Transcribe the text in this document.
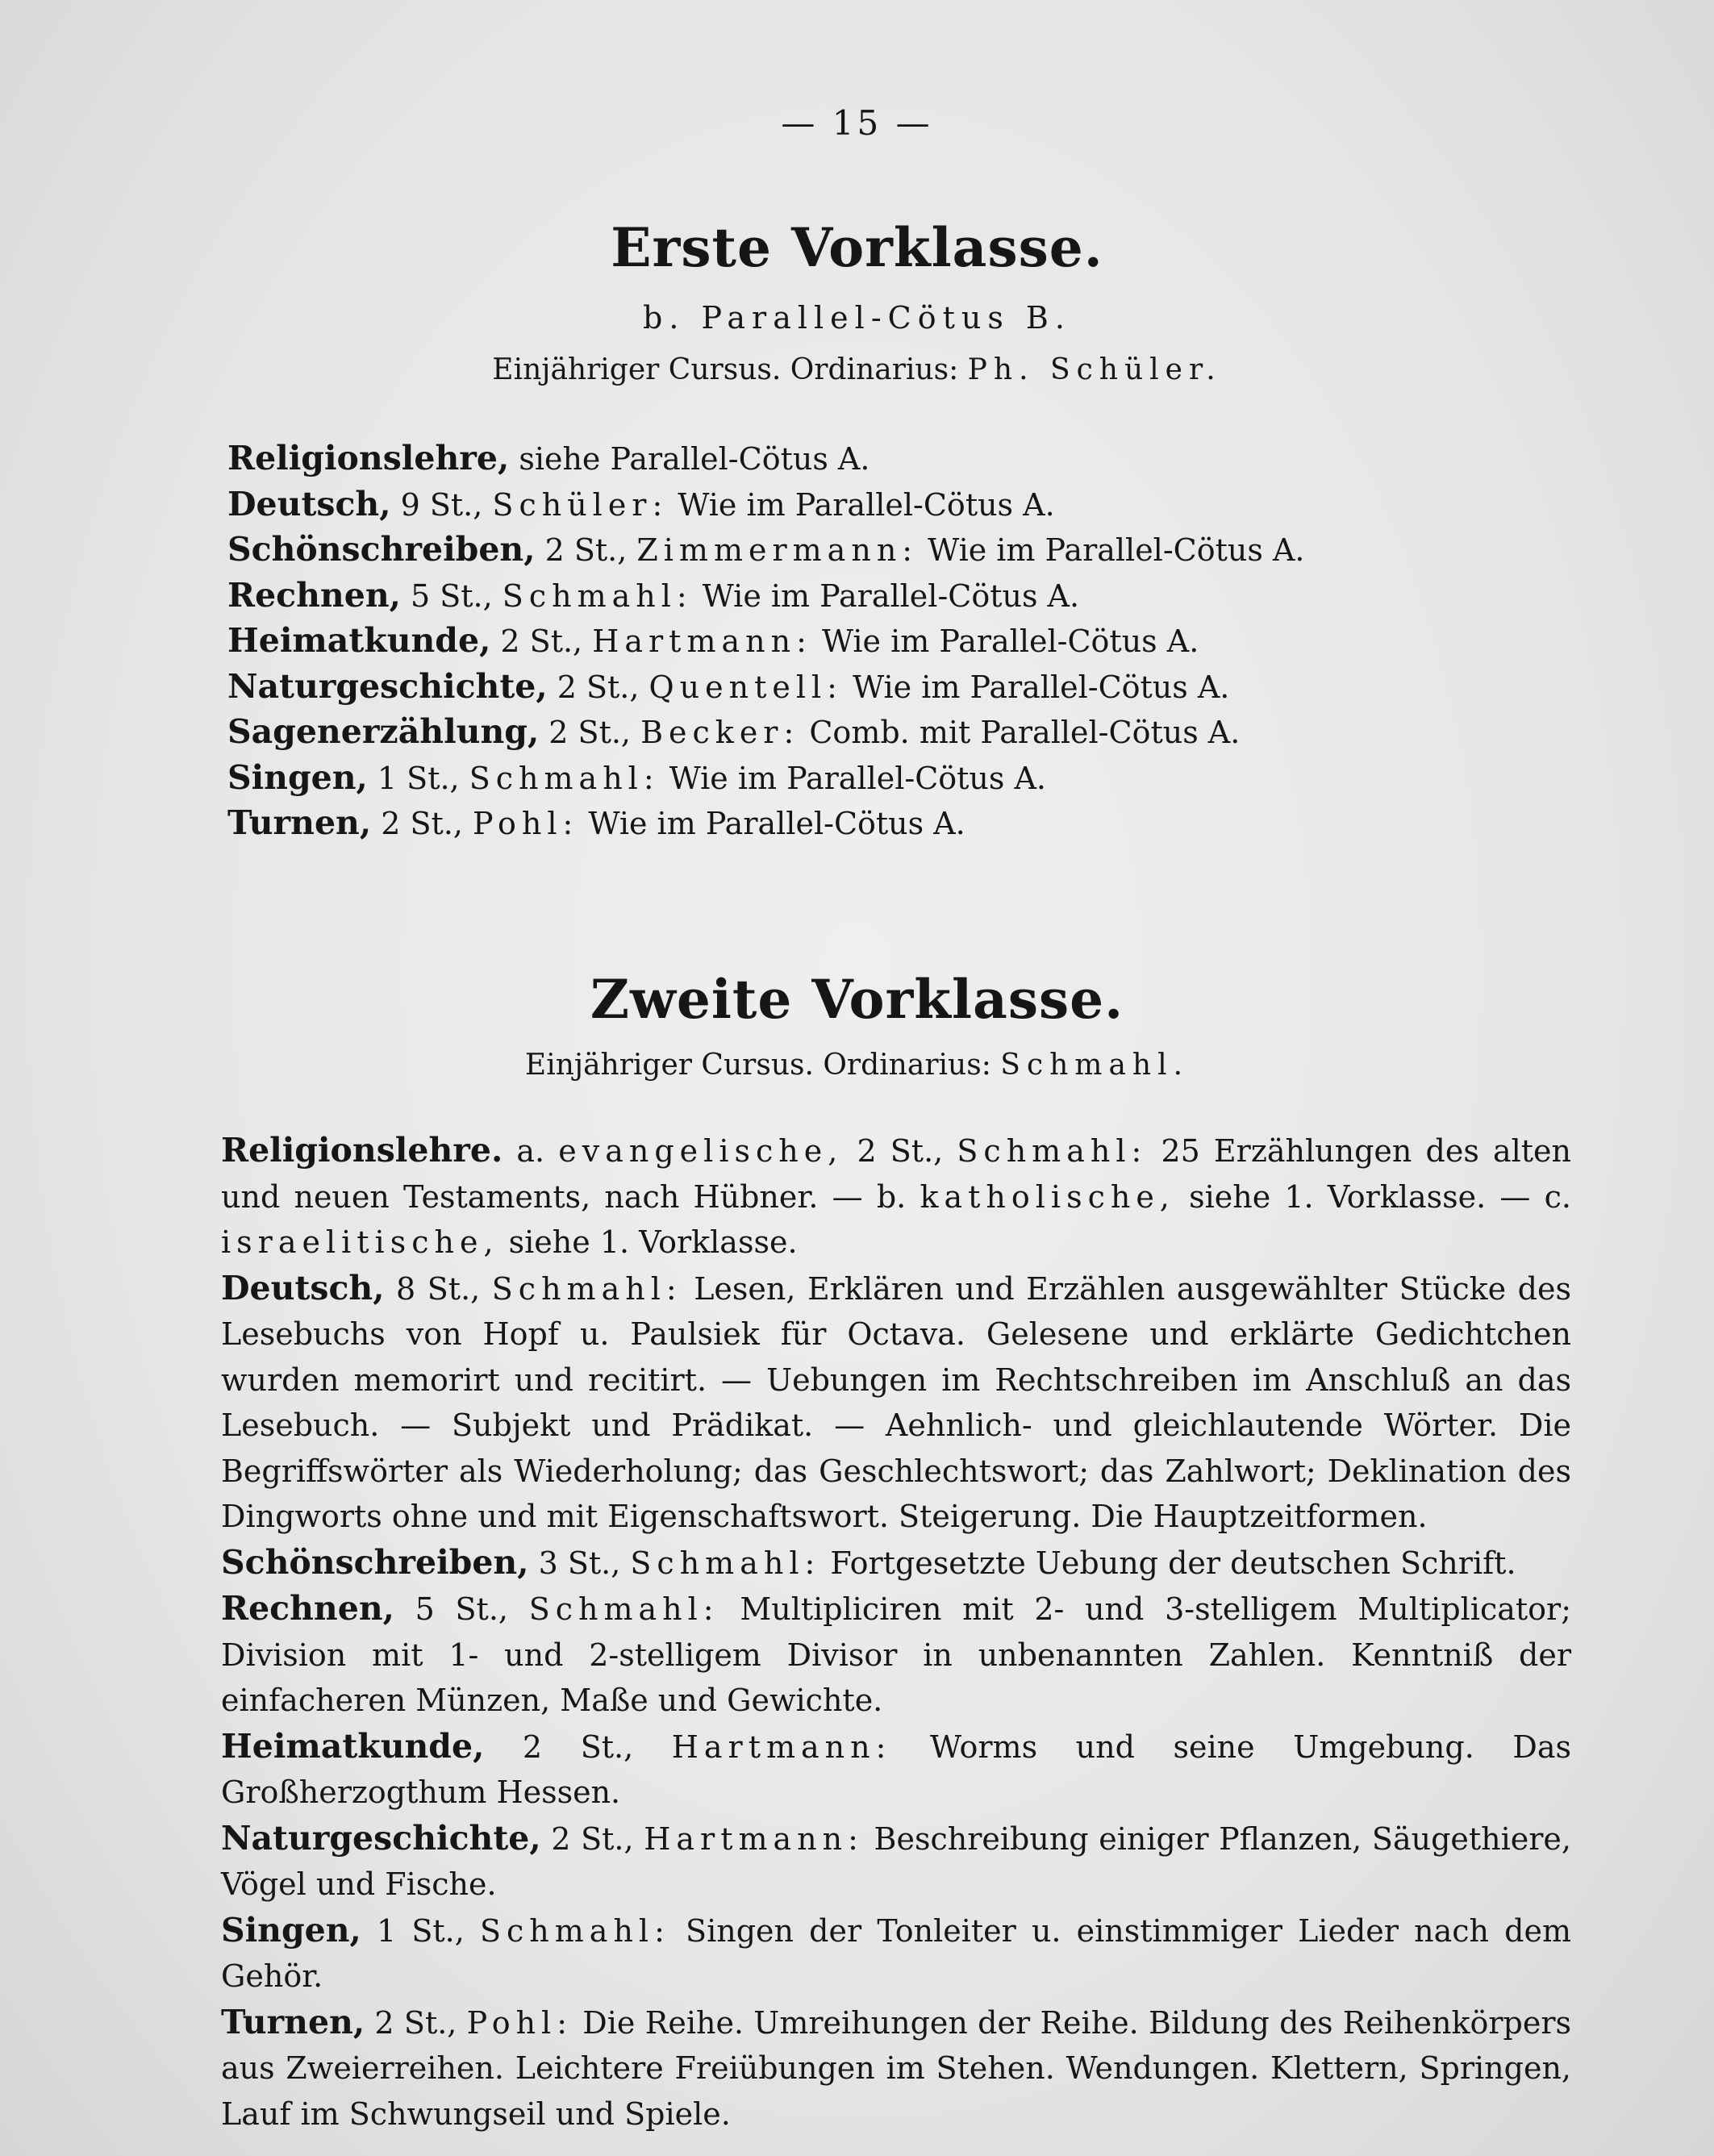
— 15 —
Erste Vorklasse.
b. Parallel-Cötus B.
Einjähriger Cursus. Ordinarius: Ph. Schüler.
Religionslehre, siehe Parallel-Cötus A.
Deutsch, 9 St., Schüler: Wie im Parallel-Cötus A.
Schönschreiben, 2 St., Zimmermann: Wie im Parallel-Cötus A.
Rechnen, 5 St., Schmahl: Wie im Parallel-Cötus A.
Heimatkunde, 2 St., Hartmann: Wie im Parallel-Cötus A.
Naturgeschichte, 2 St., Quentell: Wie im Parallel-Cötus A.
Sagenerzählung, 2 St., Becker: Comb. mit Parallel-Cötus A.
Singen, 1 St., Schmahl: Wie im Parallel-Cötus A.
Turnen, 2 St., Pohl: Wie im Parallel-Cötus A.
Zweite Vorklasse.
Einjähriger Cursus. Ordinarius: Schmahl.
Religionslehre. a. evangelische, 2 St., Schmahl: 25 Erzählungen des alten und neuen Testaments, nach Hübner. — b. katholische, siehe 1. Vorklasse. — c. israelitische, siehe 1. Vorklasse.
Deutsch, 8 St., Schmahl: Lesen, Erklären und Erzählen ausgewählter Stücke des Lesebuchs von Hopf u. Paulsiek für Octava. Gelesene und erklärte Gedichtchen wurden memorirt und recitirt. — Uebungen im Rechtschreiben im Anschluß an das Lesebuch. — Subjekt und Prädikat. — Aehnlich- und gleichlautende Wörter. Die Begriffswörter als Wiederholung; das Geschlechtswort; das Zahlwort; Deklination des Dingworts ohne und mit Eigenschaftswort. Steigerung. Die Hauptzeitformen.
Schönschreiben, 3 St., Schmahl: Fortgesetzte Uebung der deutschen Schrift.
Rechnen, 5 St., Schmahl: Multipliciren mit 2- und 3-stelligem Multiplicator; Division mit 1- und 2-stelligem Divisor in unbenannten Zahlen. Kenntniß der einfacheren Münzen, Maße und Gewichte.
Heimatkunde, 2 St., Hartmann: Worms und seine Umgebung. Das Großherzogthum Hessen.
Naturgeschichte, 2 St., Hartmann: Beschreibung einiger Pflanzen, Säugethiere, Vögel und Fische.
Singen, 1 St., Schmahl: Singen der Tonleiter u. einstimmiger Lieder nach dem Gehör.
Turnen, 2 St., Pohl: Die Reihe. Umreihungen der Reihe. Bildung des Reihenkörpers aus Zweierreihen. Leichtere Freiübungen im Stehen. Wendungen. Klettern, Springen, Lauf im Schwungseil und Spiele.
